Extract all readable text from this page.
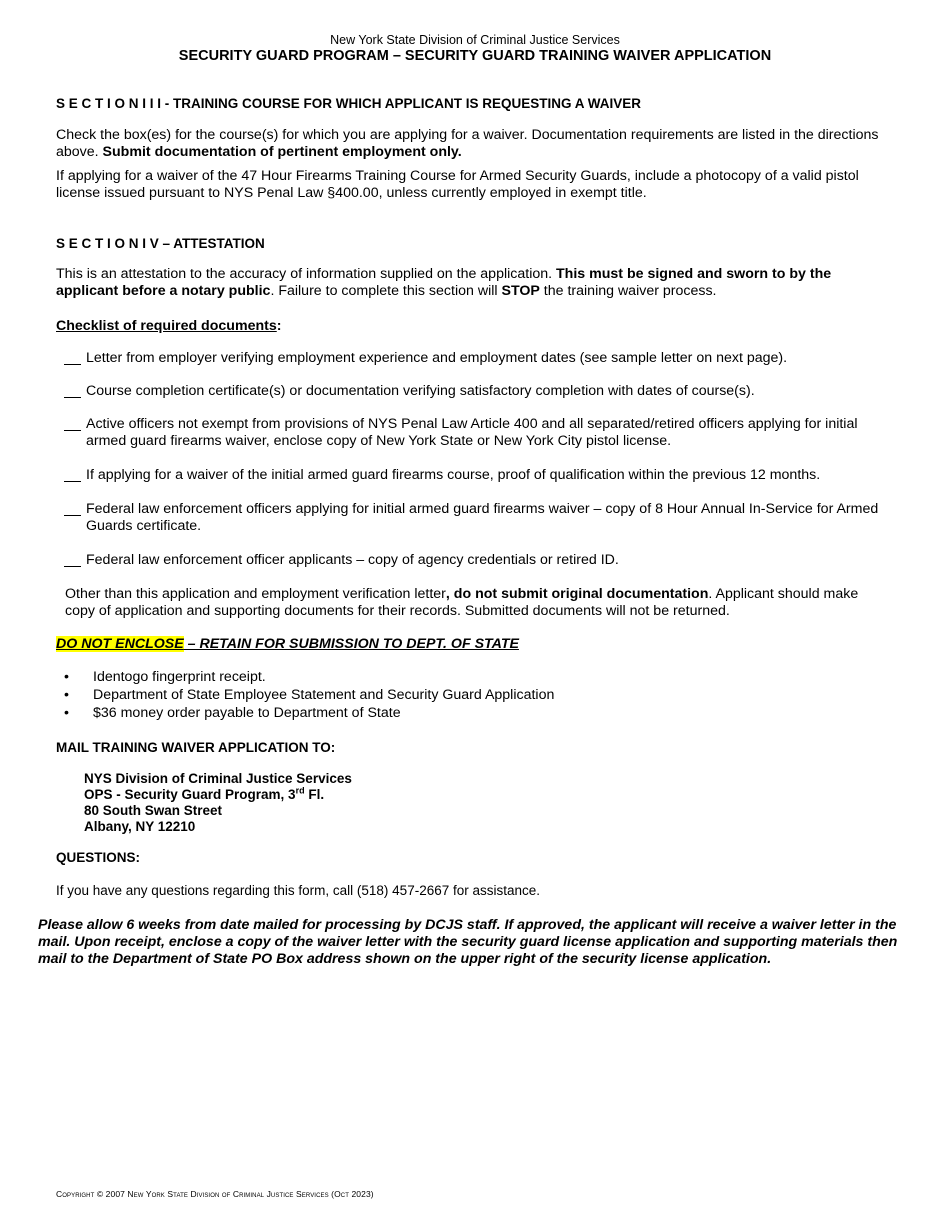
New York State Division of Criminal Justice Services
SECURITY GUARD PROGRAM – SECURITY GUARD TRAINING WAIVER APPLICATION
S E C T I O N I I I - TRAINING COURSE FOR WHICH APPLICANT IS REQUESTING A WAIVER
Check the box(es) for the course(s) for which you are applying for a waiver. Documentation requirements are listed in the directions above. Submit documentation of pertinent employment only.
If applying for a waiver of the 47 Hour Firearms Training Course for Armed Security Guards, include a photocopy of a valid pistol license issued pursuant to NYS Penal Law §400.00, unless currently employed in exempt title.
S E C T I O N I V – ATTESTATION
This is an attestation to the accuracy of information supplied on the application. This must be signed and sworn to by the applicant before a notary public. Failure to complete this section will STOP the training waiver process.
Checklist of required documents:
Letter from employer verifying employment experience and employment dates (see sample letter on next page).
Course completion certificate(s) or documentation verifying satisfactory completion with dates of course(s).
Active officers not exempt from provisions of NYS Penal Law Article 400 and all separated/retired officers applying for initial armed guard firearms waiver, enclose copy of New York State or New York City pistol license.
If applying for a waiver of the initial armed guard firearms course, proof of qualification within the previous 12 months.
Federal law enforcement officers applying for initial armed guard firearms waiver – copy of 8 Hour Annual In-Service for Armed Guards certificate.
Federal law enforcement officer applicants – copy of agency credentials or retired ID.
Other than this application and employment verification letter, do not submit original documentation. Applicant should make copy of application and supporting documents for their records. Submitted documents will not be returned.
DO NOT ENCLOSE – RETAIN FOR SUBMISSION TO DEPT. OF STATE
• Identogo fingerprint receipt.
• Department of State Employee Statement and Security Guard Application
• $36 money order payable to Department of State
MAIL TRAINING WAIVER APPLICATION TO:
NYS Division of Criminal Justice Services
OPS - Security Guard Program, 3rd Fl.
80 South Swan Street
Albany, NY 12210
QUESTIONS:
If you have any questions regarding this form, call (518) 457-2667 for assistance.
Please allow 6 weeks from date mailed for processing by DCJS staff. If approved, the applicant will receive a waiver letter in the mail. Upon receipt, enclose a copy of the waiver letter with the security guard license application and supporting materials then mail to the Department of State PO Box address shown on the upper right of the security license application.
Copyright © 2007 New York State Division of Criminal Justice Services (Oct 2023)
